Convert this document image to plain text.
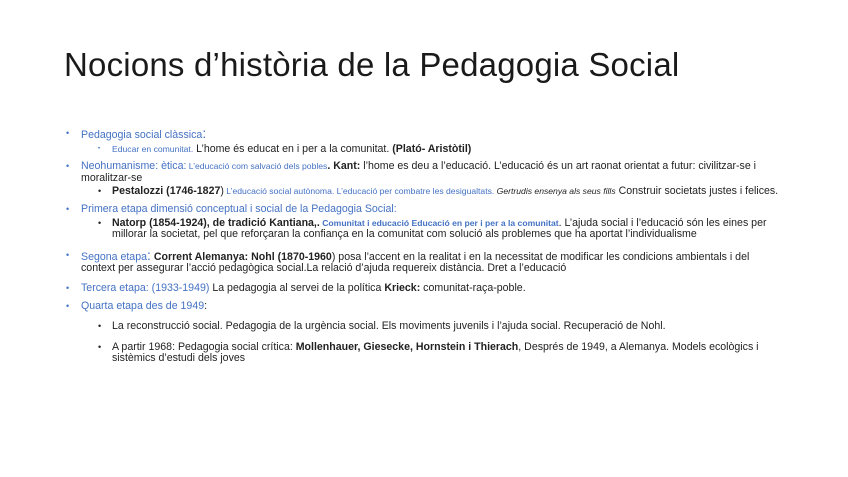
Nocions d’història de la Pedagogia Social
• Pedagogia social clàssica:
• Educar en comunitat. L’home és educat en i per a la comunitat. (Plató- Aristòtil)
• Neohumanisme: ètica: L’educació com salvació dels pobles. Kant: l’home es deu a l’educació. L’educació és un art raonat orientat a futur: civilitzar-se i moralitzar-se
• Pestalozzi (1746-1827) L’educació social autònoma. L’educació per combatre les desigualtats. Gertrudis ensenya als seus fills Construir societats justes i felices.
• Primera etapa dimensió conceptual i social de la Pedagogia Social:
• Natorp (1854-1924), de tradició Kantiana,. Comunitat i educació Educació en per i per a la comunitat. L’ajuda social i l’educació són les eines per millorar la societat, pel que reforçaran la confiança en la comunitat com solució als problemes que ha aportat l’individualisme
• Segona etapa: Corrent Alemanya: Nohl (1870-1960) posa l’accent en la realitat i en la necessitat de modificar les condicions ambientals i del context per assegurar l’acció pedagògica social.La relació d’ajuda requereix distància. Dret a l’educació
• Tercera etapa: (1933-1949) La pedagogia al servei de la política Krieck: comunitat-raça-poble.
• Quarta etapa des de 1949:
• La reconstrucció social. Pedagogia de la urgència social. Els moviments juvenils i l’ajuda social. Recuperació de Nohl.
• A partir 1968: Pedagogia social crítica: Mollenhauer, Giesecke, Hornstein i Thierach, Després de 1949, a Alemanya. Models ecològics i sistèmics d’estudi dels joves
